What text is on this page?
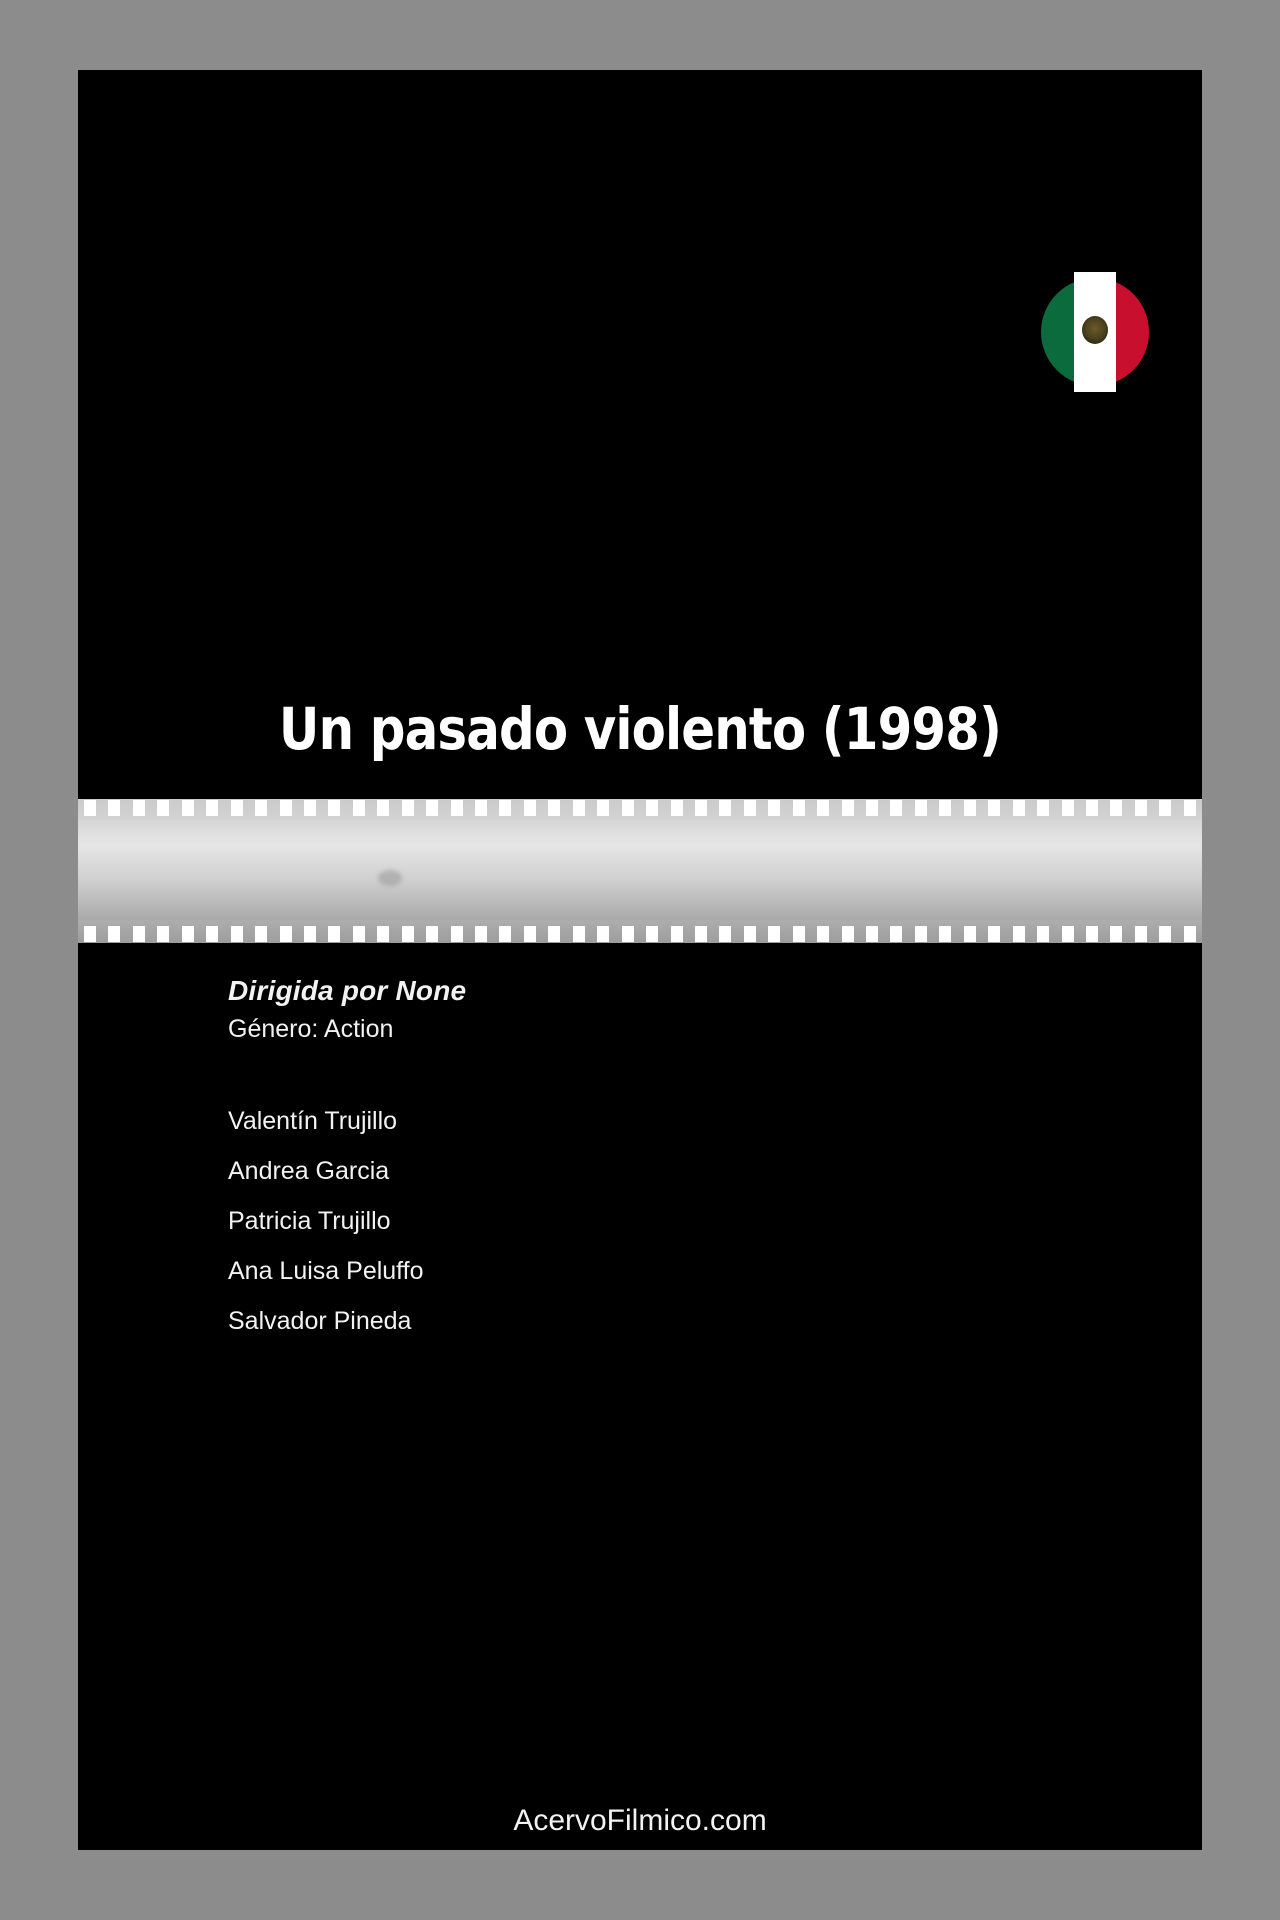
Un pasado violento (1998)

Dirigida por None

Género: Action

Valentín Trujillo
Andrea Garcia
Patricia Trujillo
Ana Luisa Peluffo
Salvador Pineda
AcervoFilmico.com
